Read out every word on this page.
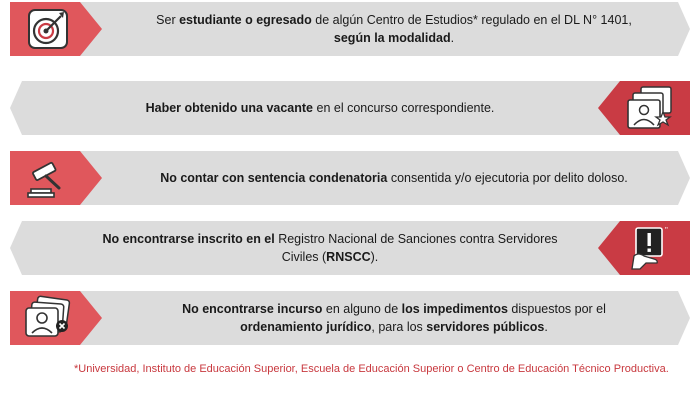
Ser estudiante o egresado de algún Centro de Estudios* regulado en el DL N° 1401,
según la modalidad.
Haber obtenido una vacante en el concurso correspondiente.
No contar con sentencia condenatoria consentida y/o ejecutoria por delito doloso.
"
No encontrarse inscrito en el Registro Nacional de Sanciones contra Servidores
Civiles (RNSCC).
No encontrarse incurso en alguno de los impedimentos dispuestos por el
ordenamiento jurídico, para los servidores públicos.
*Universidad, Instituto de Educación Superior, Escuela de Educación Superior o Centro de Educación Técnico Productiva.
